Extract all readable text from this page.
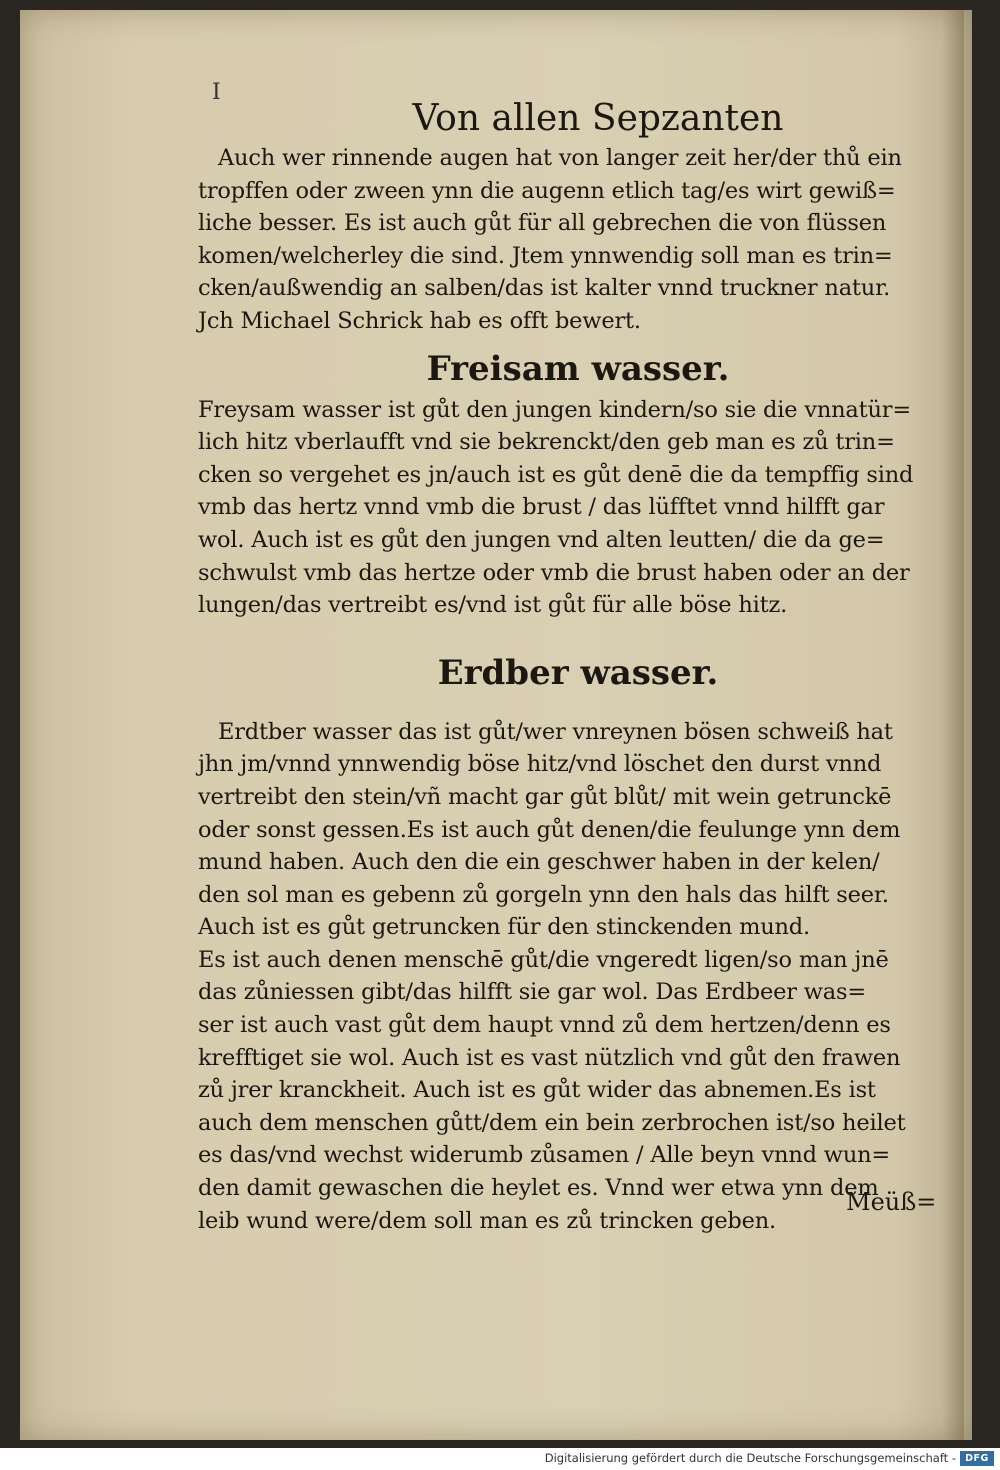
I
Von allen Sepzanten
Auch wer rinnende augen hat von langer zeit her/der thů ein
tropffen oder zween ynn die augenn etlich tag/es wirt gewiß=
liche besser. Es ist auch gůt für all gebrechen die von flüssen
komen/welcherley die sind. Jtem ynnwendig soll man es trin=
cken/außwendig an salben/das ist kalter vnnd truckner natur.
Jch Michael Schrick hab es offt bewert.
Freisam wasser.
Freysam wasser ist gůt den jungen kindern/so sie die vnnatür=
lich hitz vberlaufft vnd sie bekrenckt/den geb man es zů trin=
cken so vergehet es jn/auch ist es gůt denē die da tempffig sind
vmb das hertz vnnd vmb die brust / das lüfftet vnnd hilfft gar
wol. Auch ist es gůt den jungen vnd alten leutten/ die da ge=
schwulst vmb das hertze oder vmb die brust haben oder an der
lungen/das vertreibt es/vnd ist gůt für alle böse hitz.
Erdber wasser.
Erdtber wasser das ist gůt/wer vnreynen bösen schweiß hat
jhn jm/vnnd ynnwendig böse hitz/vnd löschet den durst vnnd
vertreibt den stein/vñ macht gar gůt blůt/ mit wein getrunckē
oder sonst gessen.Es ist auch gůt denen/die feulunge ynn dem
mund haben. Auch den die ein geschwer haben in der kelen/
den sol man es gebenn zů gorgeln ynn den hals das hilft seer.
Auch ist es gůt getruncken für den stinckenden mund.
Es ist auch denen menschē gůt/die vngeredt ligen/so man jnē
das zůniessen gibt/das hilfft sie gar wol. Das Erdbeer was=
ser ist auch vast gůt dem haupt vnnd zů dem hertzen/denn es
krefftiget sie wol. Auch ist es vast nützlich vnd gůt den frawen
zů jrer kranckheit. Auch ist es gůt wider das abnemen.Es ist
auch dem menschen gůtt/dem ein bein zerbrochen ist/so heilet
es das/vnd wechst widerumb zůsamen / Alle beyn vnnd wun=
den damit gewaschen die heylet es. Vnnd wer etwa ynn dem
leib wund were/dem soll man es zů trincken geben.
Meüß=
Digitalisierung gefördert durch die Deutsche Forschungsgemeinschaft - DFG
